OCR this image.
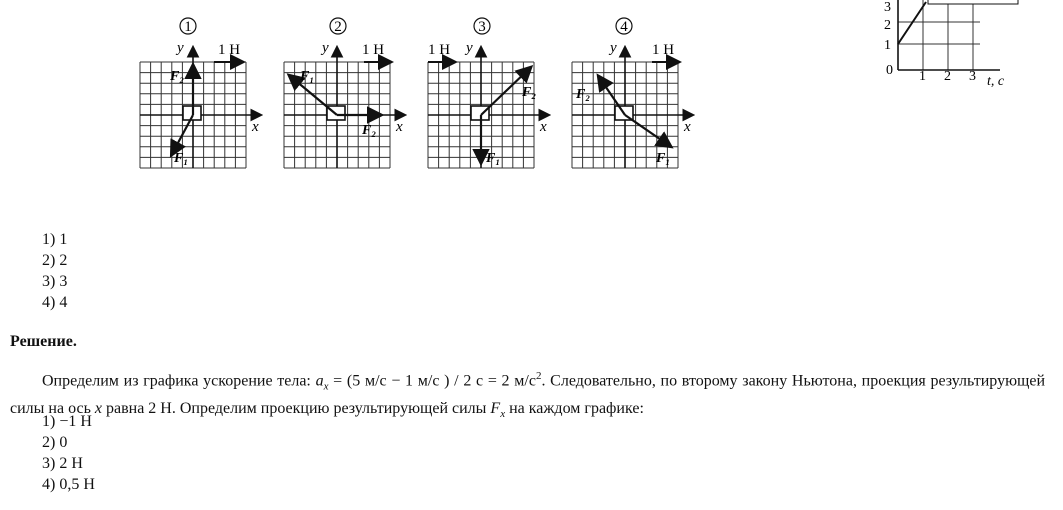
F₂
F₁
1
y
x
1 Н
F₁
F₂
2
y
x
1 Н
F₂
F₁
3
y
x
1 Н
F₂
F₁
4
y
x
1 Н
3
2
1
0 1 2 3 t, с
1) 1
2) 2
3) 3
4) 4
Решение.
Определим из графика ускорение тела: $a_x = (5$ м/с − 1 м/с ) / 2 с = 2 $м/с^2$. Следовательно, по второму закону Ньютона, проекция результирующей силы на ось x равна 2 Н. Определим проекцию результирующей силы $F_x$ на каждом графике:
1) −1 Н
2) 0
3) 2 Н
4) 0,5 Н
